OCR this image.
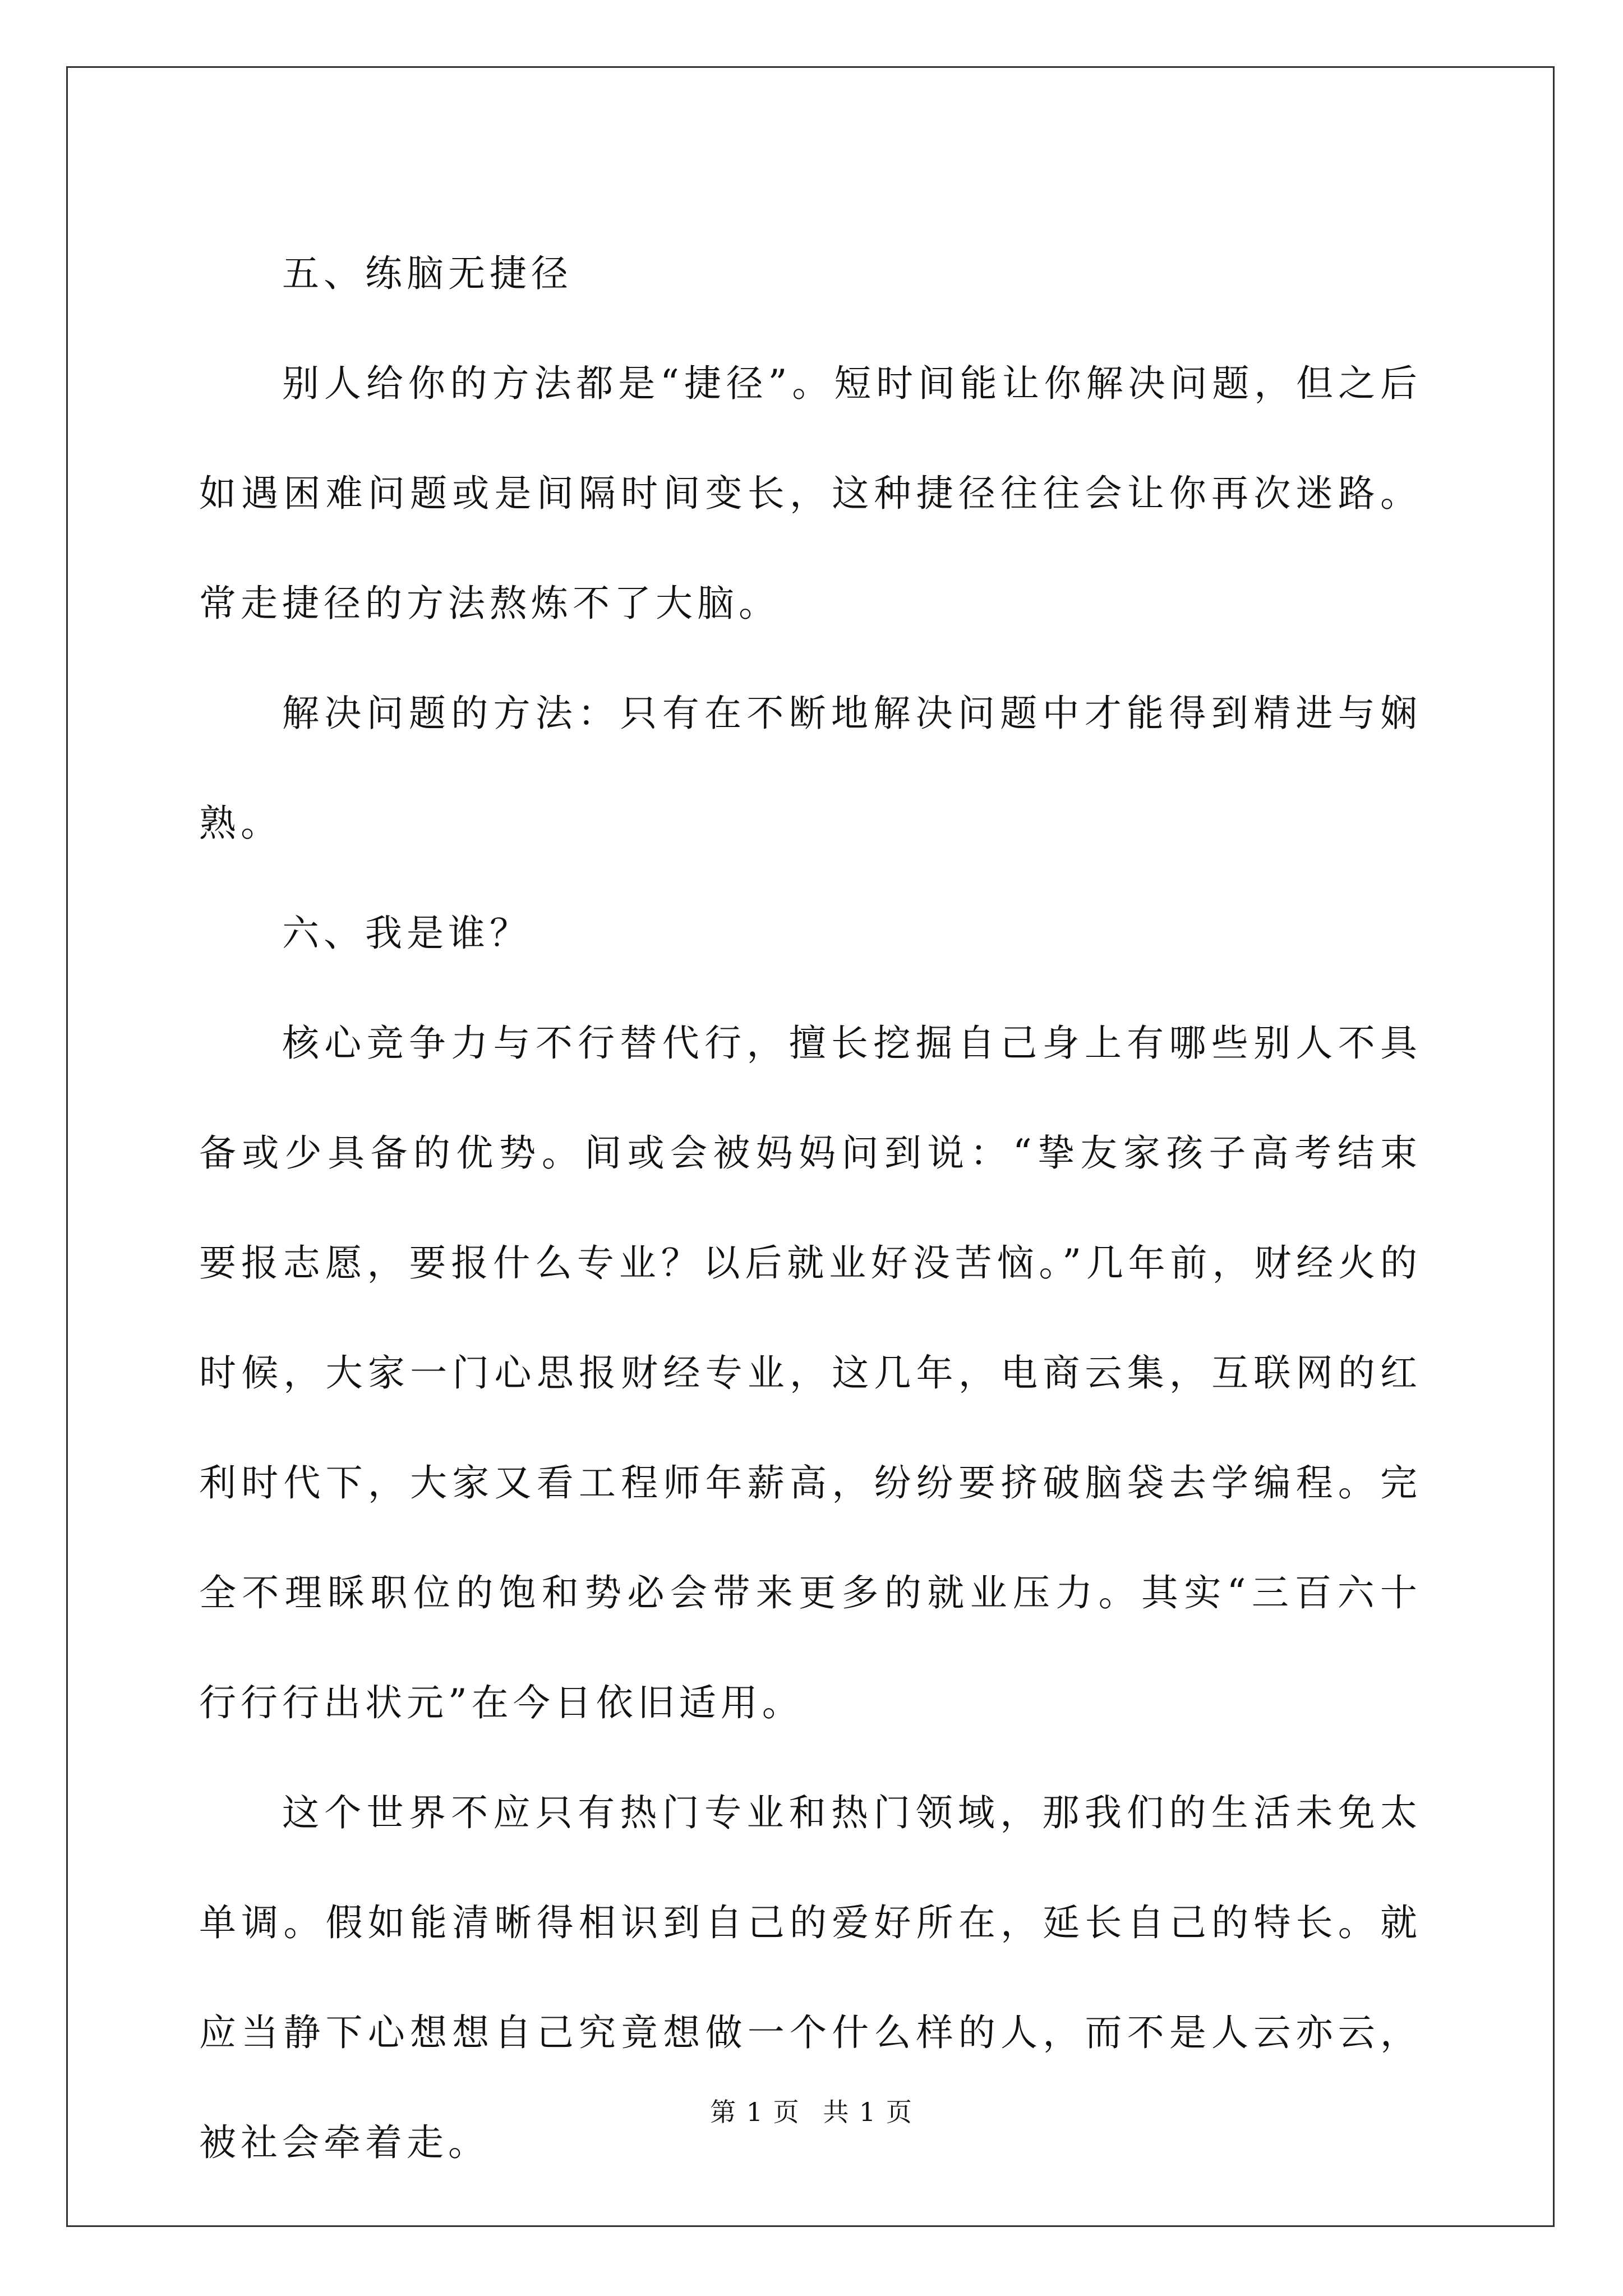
五、练脑无捷径

别人给你的方法都是“捷径”。短时间能让你解决问题，但之后如遇困难问题或是间隔时间变长，这种捷径往往会让你再次迷路。常走捷径的方法熬炼不了大脑。

解决问题的方法：只有在不断地解决问题中才能得到精进与娴熟。

六、我是谁？

核心竞争力与不行替代行，擅长挖掘自己身上有哪些别人不具备或少具备的优势。间或会被妈妈问到说：“挚友家孩子高考结束要报志愿，要报什么专业？以后就业好没苦恼。”几年前，财经火的时候，大家一门心思报财经专业，这几年，电商云集，互联网的红利时代下，大家又看工程师年薪高，纷纷要挤破脑袋去学编程。完全不理睬职位的饱和势必会带来更多的就业压力。其实“三百六十行行行出状元”在今日依旧适用。

这个世界不应只有热门专业和热门领域，那我们的生活未免太单调。假如能清晰得相识到自己的爱好所在，延长自己的特长。就应当静下心想想自己究竟想做一个什么样的人，而不是人云亦云，被社会牵着走。

第 1 页 共 1 页
